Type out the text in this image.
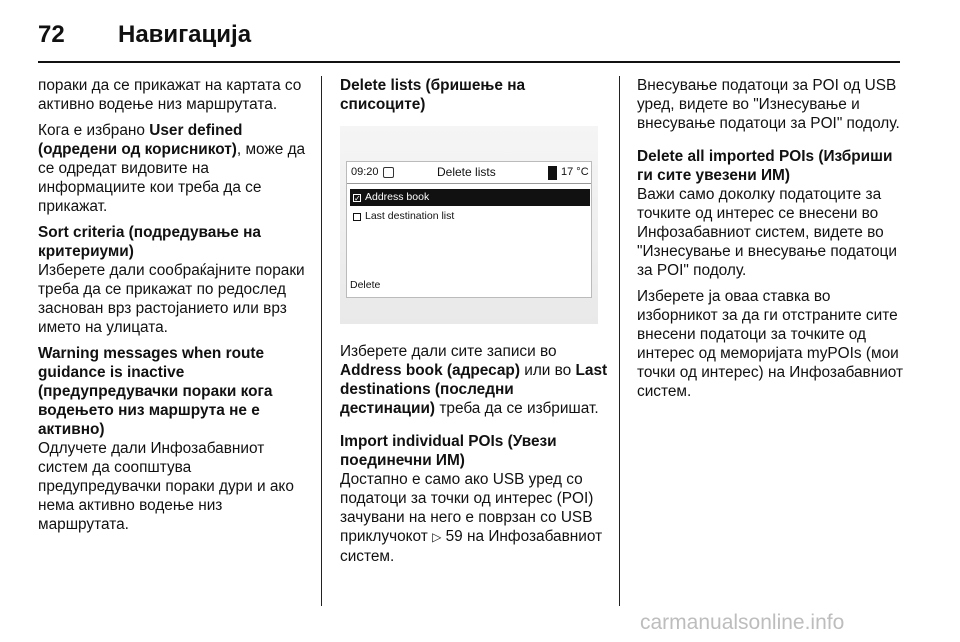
72	Навигација

пораки да се прикажат на картата со активно водење низ маршрутата.

Кога е избрано User defined (одредени од корисникот), може да се одредат видовите на информациите кои треба да се прикажат.

Sort criteria (подредување на критериуми)

Изберете дали сообраќајните пораки треба да се прикажат по редослед заснован врз растојанието или врз името на улицата.

Warning messages when route guidance is inactive (предупредувачки пораки кога водењето низ маршрута не е активно)

Одлучете дали Инфозабавниот систем да соопштува предупредувачки пораки дури и ако нема активно водење низ маршрутата.

Delete lists (бришење на списоците)
09:20	Delete lists	17 °C
✓ Address book
Last destination list
Delete

Изберете дали сите записи во Address book (адресар) или во Last destinations (последни дестинации) треба да се избришат.

Import individual POIs (Увези поединечни ИМ)

Достапно е само ако USB уред со податоци за точки од интерес (POI) зачувани на него е поврзан со USB приклучокот ▷ 59 на Инфозабавниот систем.

Внесување податоци за POI од USB уред, видете во "Изнесување и внесување податоци за POI" подолу.

Delete all imported POIs (Избриши ги сите увезени ИМ)

Важи само доколку податоците за точките од интерес се внесени во Инфозабавниот систем, видете во "Изнесување и внесување податоци за POI" подолу.

Изберете ја оваа ставка во изборникот за да ги отстраните сите внесени податоци за точките од интерес од меморијата myPOIs (мои точки од интерес) на Инфозабавниот систем.

carmanualsonline.info
